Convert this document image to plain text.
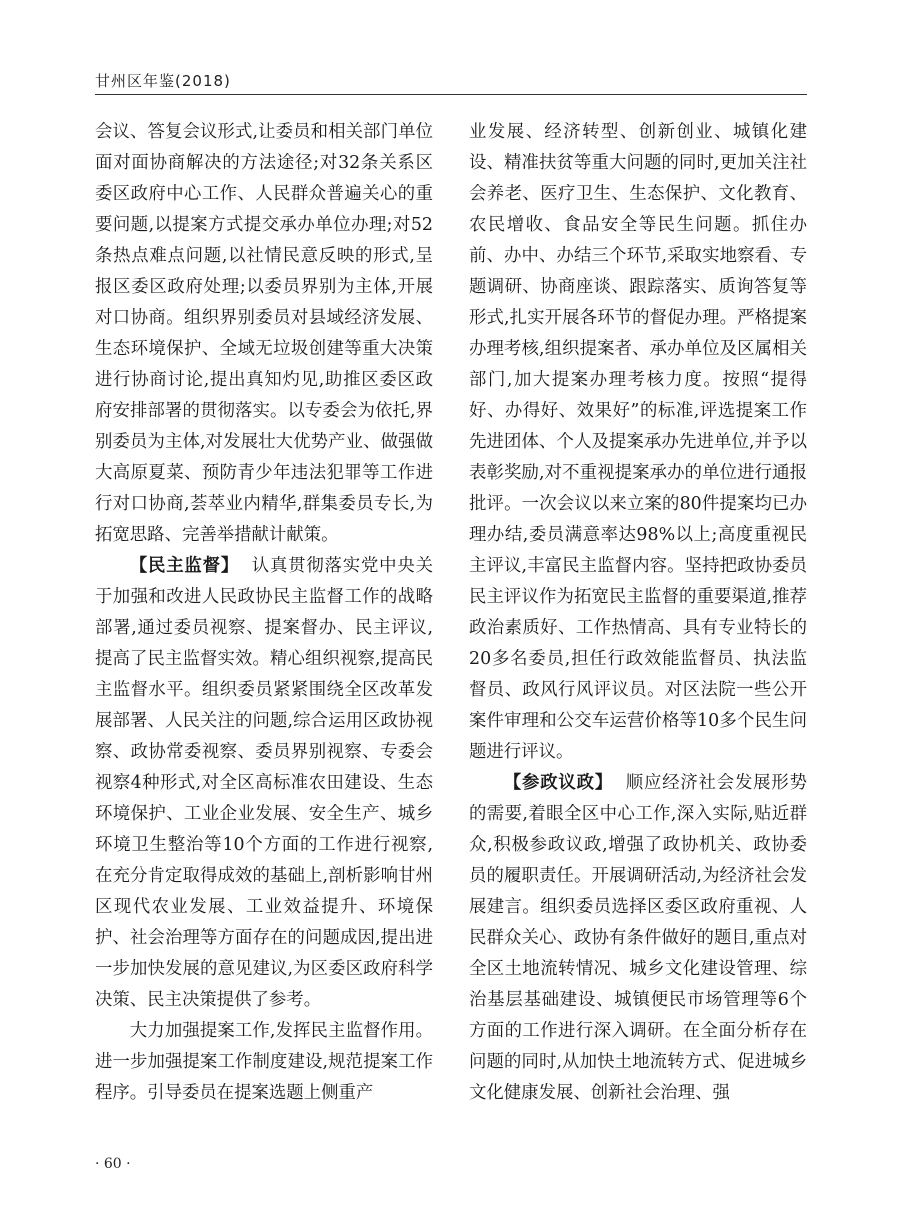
甘州区年鉴(2018)

会议、答复会议形式,让委员和相关部门单位面对面协商解决的方法途径;对32条关系区委区政府中心工作、人民群众普遍关心的重要问题,以提案方式提交承办单位办理;对52条热点难点问题,以社情民意反映的形式,呈报区委区政府处理;以委员界别为主体,开展对口协商。组织界别委员对县域经济发展、生态环境保护、全域无垃圾创建等重大决策进行协商讨论,提出真知灼见,助推区委区政府安排部署的贯彻落实。以专委会为依托,界别委员为主体,对发展壮大优势产业、做强做大高原夏菜、预防青少年违法犯罪等工作进行对口协商,荟萃业内精华,群集委员专长,为拓宽思路、完善举措献计献策。

【民主监督】 认真贯彻落实党中央关于加强和改进人民政协民主监督工作的战略部署,通过委员视察、提案督办、民主评议,提高了民主监督实效。精心组织视察,提高民主监督水平。组织委员紧紧围绕全区改革发展部署、人民关注的问题,综合运用区政协视察、政协常委视察、委员界别视察、专委会视察4种形式,对全区高标准农田建设、生态环境保护、工业企业发展、安全生产、城乡环境卫生整治等10个方面的工作进行视察,在充分肯定取得成效的基础上,剖析影响甘州区现代农业发展、工业效益提升、环境保护、社会治理等方面存在的问题成因,提出进一步加快发展的意见建议,为区委区政府科学决策、民主决策提供了参考。

大力加强提案工作,发挥民主监督作用。进一步加强提案工作制度建设,规范提案工作程序。引导委员在提案选题上侧重产

业发展、经济转型、创新创业、城镇化建设、精准扶贫等重大问题的同时,更加关注社会养老、医疗卫生、生态保护、文化教育、农民增收、食品安全等民生问题。抓住办前、办中、办结三个环节,采取实地察看、专题调研、协商座谈、跟踪落实、质询答复等形式,扎实开展各环节的督促办理。严格提案办理考核,组织提案者、承办单位及区属相关部门,加大提案办理考核力度。按照“提得好、办得好、效果好”的标准,评选提案工作先进团体、个人及提案承办先进单位,并予以表彰奖励,对不重视提案承办的单位进行通报批评。一次会议以来立案的80件提案均已办理办结,委员满意率达98%以上;高度重视民主评议,丰富民主监督内容。坚持把政协委员民主评议作为拓宽民主监督的重要渠道,推荐政治素质好、工作热情高、具有专业特长的20多名委员,担任行政效能监督员、执法监督员、政风行风评议员。对区法院一些公开案件审理和公交车运营价格等10多个民生问题进行评议。

【参政议政】 顺应经济社会发展形势的需要,着眼全区中心工作,深入实际,贴近群众,积极参政议政,增强了政协机关、政协委员的履职责任。开展调研活动,为经济社会发展建言。组织委员选择区委区政府重视、人民群众关心、政协有条件做好的题目,重点对全区土地流转情况、城乡文化建设管理、综治基层基础建设、城镇便民市场管理等6个方面的工作进行深入调研。在全面分析存在问题的同时,从加快土地流转方式、促进城乡文化健康发展、创新社会治理、强

· 60 ·
